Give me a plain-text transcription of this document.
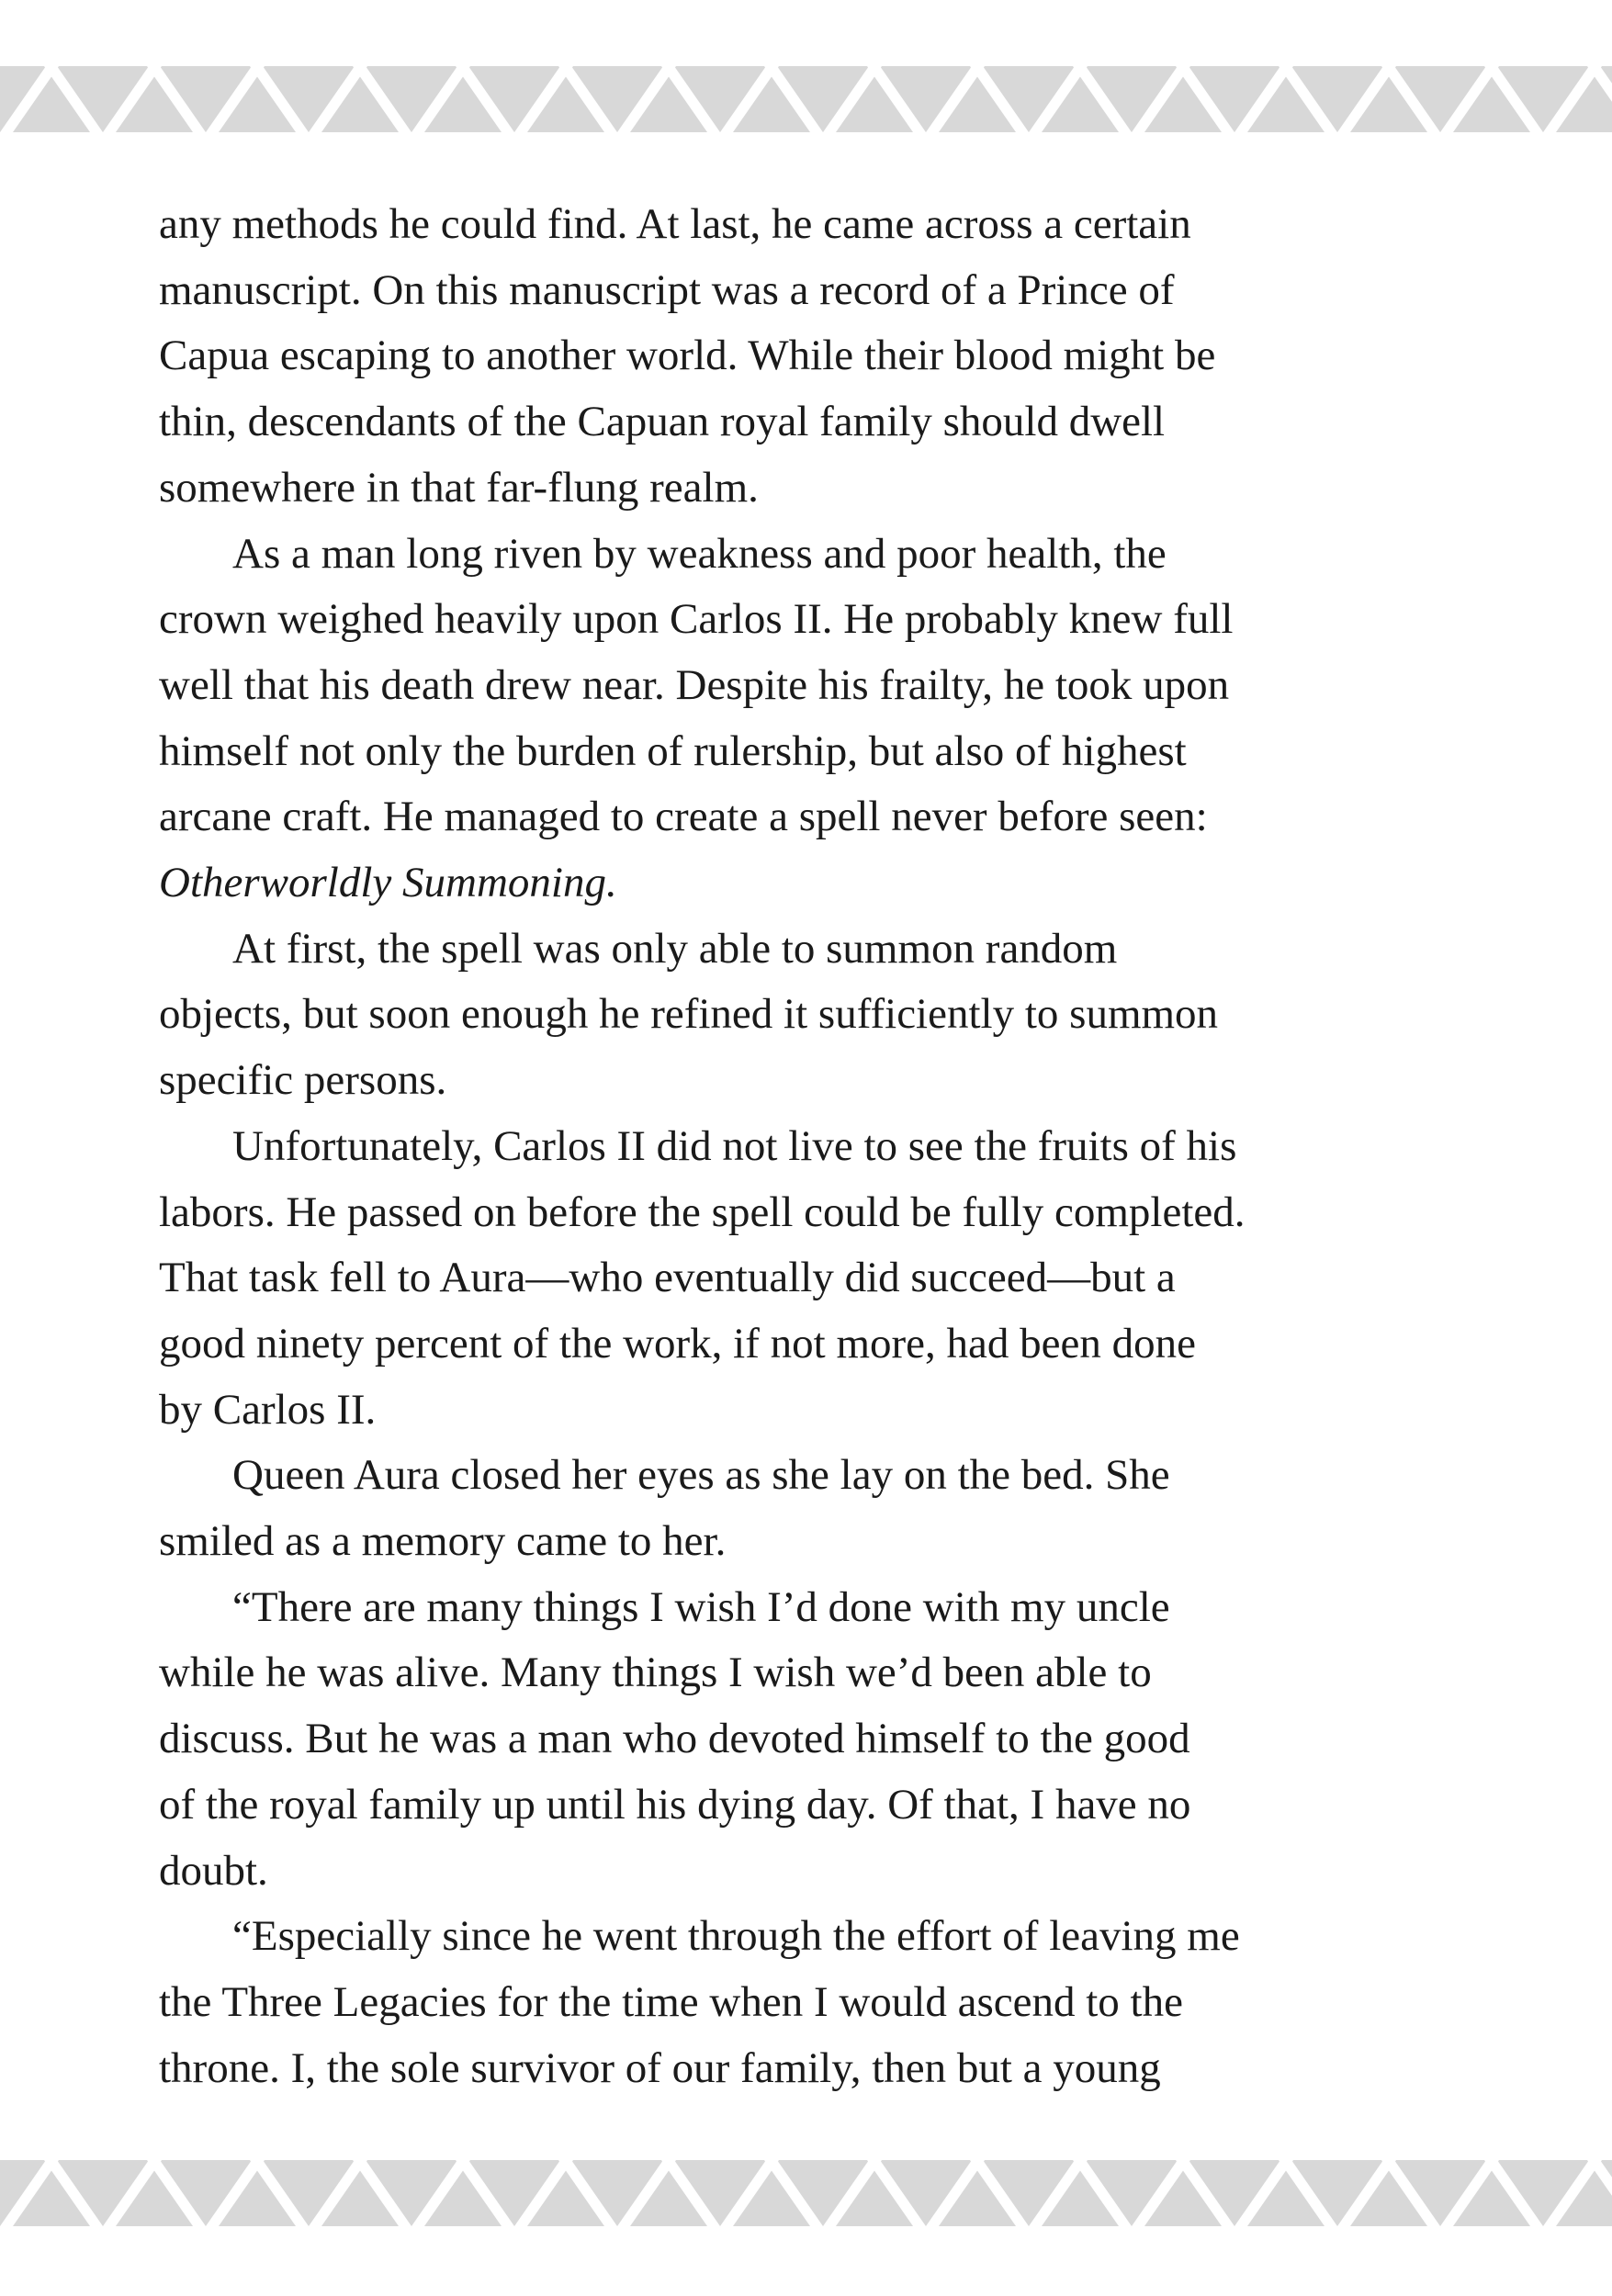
any methods he could find. At last, he came across a certain

manuscript. On this manuscript was a record of a Prince of

Capua escaping to another world. While their blood might be

thin, descendants of the Capuan royal family should dwell

somewhere in that far-flung realm.

As a man long riven by weakness and poor health, the

crown weighed heavily upon Carlos II. He probably knew full

well that his death drew near. Despite his frailty, he took upon

himself not only the burden of rulership, but also of highest

arcane craft. He managed to create a spell never before seen:

Otherworldly Summoning.

At first, the spell was only able to summon random

objects, but soon enough he refined it sufficiently to summon

specific persons.

Unfortunately, Carlos II did not live to see the fruits of his

labors. He passed on before the spell could be fully completed.

That task fell to Aura—who eventually did succeed—but a

good ninety percent of the work, if not more, had been done

by Carlos II.

Queen Aura closed her eyes as she lay on the bed. She

smiled as a memory came to her.

“There are many things I wish I’d done with my uncle

while he was alive. Many things I wish we’d been able to

discuss. But he was a man who devoted himself to the good

of the royal family up until his dying day. Of that, I have no

doubt.

“Especially since he went through the effort of leaving me

the Three Legacies for the time when I would ascend to the

throne. I, the sole survivor of our family, then but a young
